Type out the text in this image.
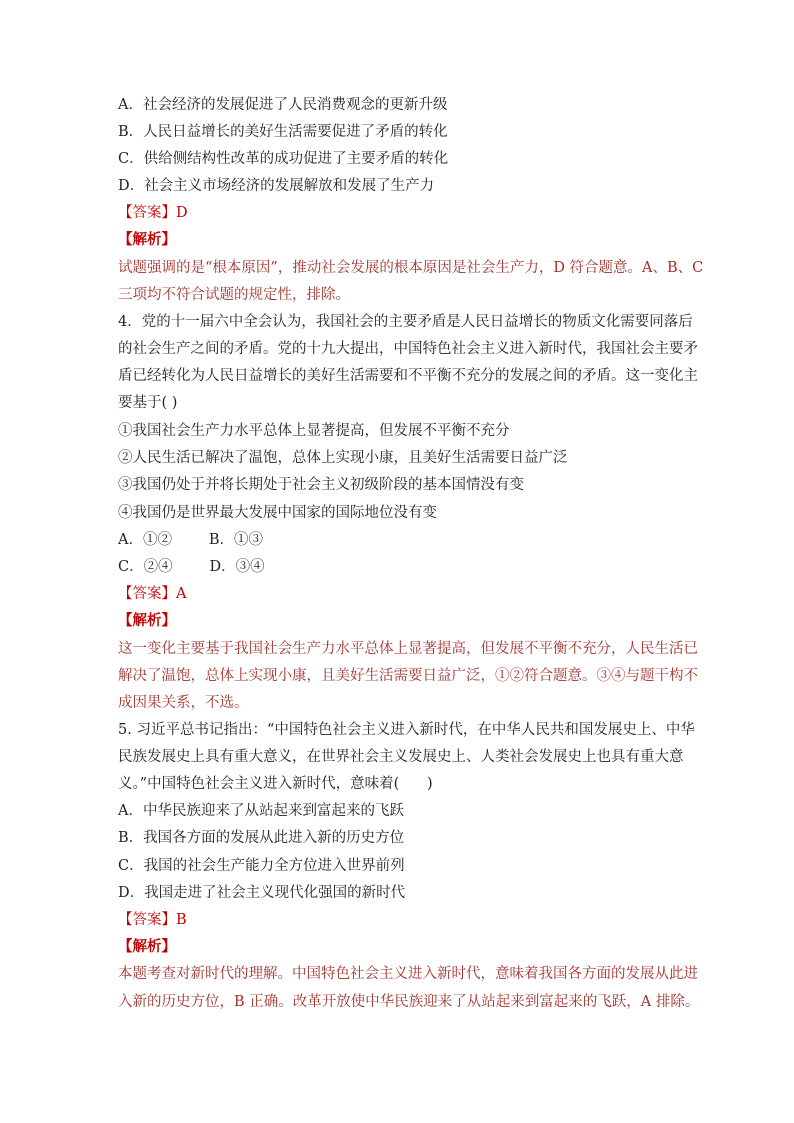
A．社会经济的发展促进了人民消费观念的更新升级
B．人民日益增长的美好生活需要促进了矛盾的转化
C．供给侧结构性改革的成功促进了主要矛盾的转化
D．社会主义市场经济的发展解放和发展了生产力
【答案】D
【解析】
试题强调的是“根本原因”，推动社会发展的根本原因是社会生产力，D 符合题意。A、B、C
三项均不符合试题的规定性，排除。
4．党的十一届六中全会认为，我国社会的主要矛盾是人民日益增长的物质文化需要同落后
的社会生产之间的矛盾。党的十九大提出，中国特色社会主义进入新时代，我国社会主要矛
盾已经转化为人民日益增长的美好生活需要和不平衡不充分的发展之间的矛盾。这一变化主
要基于( )
①我国社会生产力水平总体上显著提高，但发展不平衡不充分
②人民生活已解决了温饱，总体上实现小康，且美好生活需要日益广泛
③我国仍处于并将长期处于社会主义初级阶段的基本国情没有变
④我国仍是世界最大发展中国家的国际地位没有变
A．①②        B．①③
C．②④        D．③④
【答案】A
【解析】
这一变化主要基于我国社会生产力水平总体上显著提高，但发展不平衡不充分，人民生活已
解决了温饱，总体上实现小康，且美好生活需要日益广泛，①②符合题意。③④与题干构不
成因果关系，不选。
5. 习近平总书记指出：“中国特色社会主义进入新时代，在中华人民共和国发展史上、中华
民族发展史上具有重大意义，在世界社会主义发展史上、人类社会发展史上也具有重大意
义。”中国特色社会主义进入新时代，意味着(      )
A．中华民族迎来了从站起来到富起来的飞跃
B．我国各方面的发展从此进入新的历史方位
C．我国的社会生产能力全方位进入世界前列
D．我国走进了社会主义现代化强国的新时代
【答案】B
【解析】
本题考查对新时代的理解。中国特色社会主义进入新时代，意味着我国各方面的发展从此进
入新的历史方位，B 正确。改革开放使中华民族迎来了从站起来到富起来的飞跃，A 排除。
